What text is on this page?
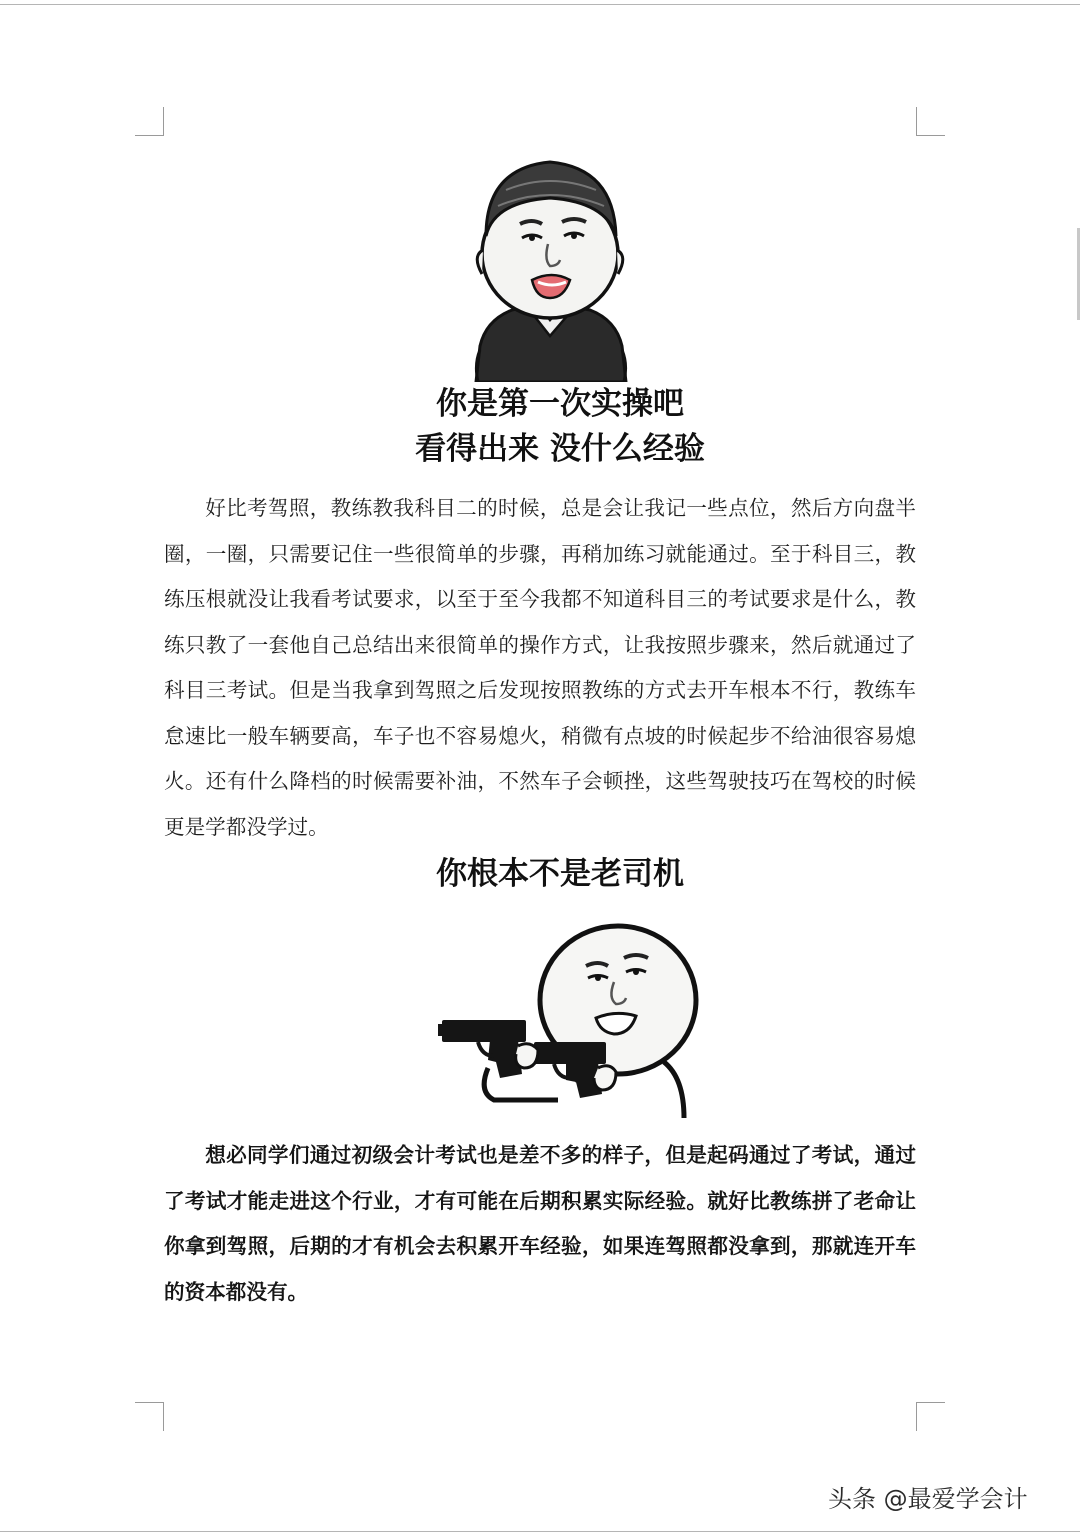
你是第一次实操吧
看得出来 没什么经验

好比考驾照，教练教我科目二的时候，总是会让我记一些点位，然后方向盘半圈，一圈，只需要记住一些很简单的步骤，再稍加练习就能通过。至于科目三，教练压根就没让我看考试要求，以至于至今我都不知道科目三的考试要求是什么，教练只教了一套他自己总结出来很简单的操作方式，让我按照步骤来，然后就通过了科目三考试。但是当我拿到驾照之后发现按照教练的方式去开车根本不行，教练车怠速比一般车辆要高，车子也不容易熄火，稍微有点坡的时候起步不给油很容易熄火。还有什么降档的时候需要补油，不然车子会顿挫，这些驾驶技巧在驾校的时候更是学都没学过。

你根本不是老司机

想必同学们通过初级会计考试也是差不多的样子，但是起码通过了考试，通过了考试才能走进这个行业，才有可能在后期积累实际经验。就好比教练拼了老命让你拿到驾照，后期的才有机会去积累开车经验，如果连驾照都没拿到，那就连开车的资本都没有。

头条 @最爱学会计
